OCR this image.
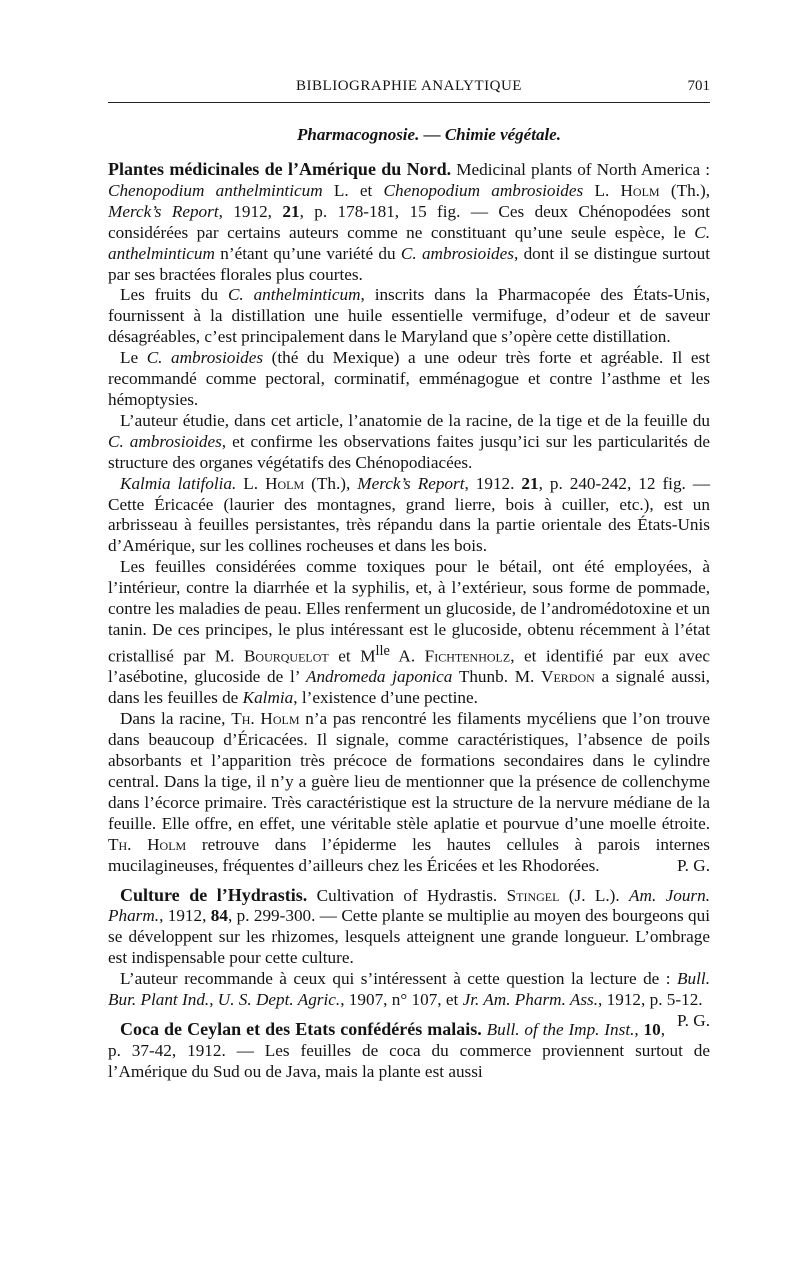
BIBLIOGRAPHIE ANALYTIQUE	701
Pharmacognosie. — Chimie végétale.

Plantes médicinales de l’Amérique du Nord. Medicinal plants of North America : Chenopodium anthelminticum L. et Chenopodium ambrosioides L. Holm (Th.), Merck’s Report, 1912, 21, p. 178-181, 15 fig. — Ces deux Chénopodées sont considérées par certains auteurs comme ne constituant qu’une seule espèce, le C. anthelminticum n’étant qu’une variété du C. ambrosioides, dont il se distingue surtout par ses bractées florales plus courtes.

Les fruits du C. anthelminticum, inscrits dans la Pharmacopée des États-Unis, fournissent à la distillation une huile essentielle vermifuge, d’odeur et de saveur désagréables, c’est principalement dans le Maryland que s’opère cette distillation.

Le C. ambrosioides (thé du Mexique) a une odeur très forte et agréable. Il est recommandé comme pectoral, corminatif, emménagogue et contre l’asthme et les hémoptysies.

L’auteur étudie, dans cet article, l’anatomie de la racine, de la tige et de la feuille du C. ambrosioides, et confirme les observations faites jusqu’ici sur les particularités de structure des organes végétatifs des Chénopodiacées.

Kalmia latifolia. L. Holm (Th.), Merck’s Report, 1912. 21, p. 240-242, 12 fig. — Cette Éricacée (laurier des montagnes, grand lierre, bois à cuiller, etc.), est un arbrisseau à feuilles persistantes, très répandu dans la partie orientale des États-Unis d’Amérique, sur les collines rocheuses et dans les bois.

Les feuilles considérées comme toxiques pour le bétail, ont été employées, à l’intérieur, contre la diarrhée et la syphilis, et, à l’extérieur, sous forme de pommade, contre les maladies de peau. Elles renferment un glucoside, de l’andromédotoxine et un tanin. De ces principes, le plus intéressant est le glucoside, obtenu récemment à l’état cristallisé par M. Bourquelot et $M^{lle}$ A. Fichtenholz, et identifié par eux avec l’asébotine, glucoside de l’ Andromeda japonica Thunb. M. Verdon a signalé aussi, dans les feuilles de Kalmia, l’existence d’une pectine.

Dans la racine, Th. Holm n’a pas rencontré les filaments mycéliens que l’on trouve dans beaucoup d’Éricacées. Il signale, comme caractéristiques, l’absence de poils absorbants et l’apparition très précoce de formations secondaires dans le cylindre central. Dans la tige, il n’y a guère lieu de mentionner que la présence de collenchyme dans l’écorce primaire. Très caractéristique est la structure de la nervure médiane de la feuille. Elle offre, en effet, une véritable stèle aplatie et pourvue d’une moelle étroite. Th. Holm retrouve dans l’épiderme les hautes cellules à parois internes mucilagineuses, fréquentes d’ailleurs chez les Éricées et les Rhodorées.	P. G.

Culture de l’Hydrastis. Cultivation of Hydrastis. Stingel (J. L.). Am. Journ. Pharm., 1912, 84, p. 299-300. — Cette plante se multiplie au moyen des bourgeons qui se développent sur les rhizomes, lesquels atteignent une grande longueur. L’ombrage est indispensable pour cette culture.

L’auteur recommande à ceux qui s’intéressent à cette question la lecture de : Bull. Bur. Plant Ind., U. S. Dept. Agric., 1907, n° 107, et Jr. Am. Pharm. Ass., 1912, p. 5-12.
P. G.

Coca de Ceylan et des Etats confédérés malais. Bull. of the Imp. Inst., 10, p. 37-42, 1912. — Les feuilles de coca du commerce proviennent surtout de l’Amérique du Sud ou de Java, mais la plante est aussi
